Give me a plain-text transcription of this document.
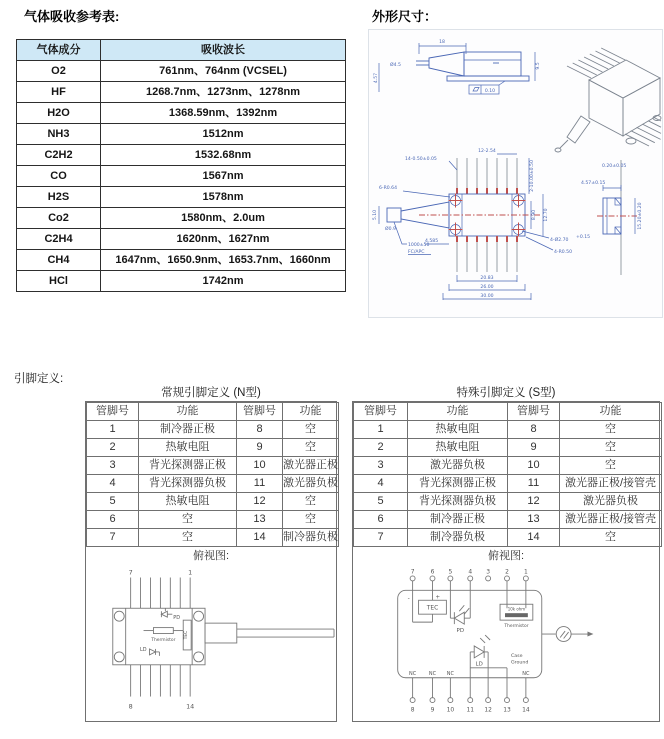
气体吸收参考表:
气体成分	吸收波长
O2	761nm、764nm (VCSEL)
HF	1268.7nm、1273nm、1278nm
H2O	1368.59nm、1392nm
NH3	1512nm
C2H2	1532.68nm
CO	1567nm
H2S	1578nm
Co2	1580nm、2.0um
C2H4	1620nm、1627nm
CH4	1647nm、1650.9nm、1653.7nm、1660nm
HCl	1742nm
外形尺寸：
18
Ø4.5
4.57
9.5
0.10
12-2.54
14-0.50±0.05
2-10.00±0.50
6-R0.64
Ø0.9
5.10
1000±50
FC/APC
4.585
8.90 12.70
4-Ø2.70
+0.15
4-R0.50
20.83
26.00
30.00
0.20±0.05
4.57±0.15
15.20±0.20
引脚定义:
常规引脚定义 (N型)
管脚号	功能	管脚号	功能
1	制冷器正极	8	空
2	热敏电阻	9	空
3	背光探测器正极	10	激光器正极
4	背光探测器负极	11	激光器负极
5	热敏电阻	12	空
6	空	13	空
7	空	14	制冷器负极
俯视图:
7	1
PD
Thermistor
TEC
LD
8	14
特殊引脚定义 (S型)
管脚号	功能	管脚号	功能
1	热敏电阻	8	空
2	热敏电阻	9	空
3	激光器负极	10	空
4	背光探测器正极	11	激光器正极/接管壳
5	背光探测器负极	12	激光器负极
6	制冷器正极	13	激光器正极/接管壳
7	制冷器负极	14	空
俯视图:
7	6 5	4 3	2	1
-	+
TEC
PD
10k ohm
Thermistor
LD
Case
Ground
NC	NC NC	NC
8	9 10 11 12 13 14
